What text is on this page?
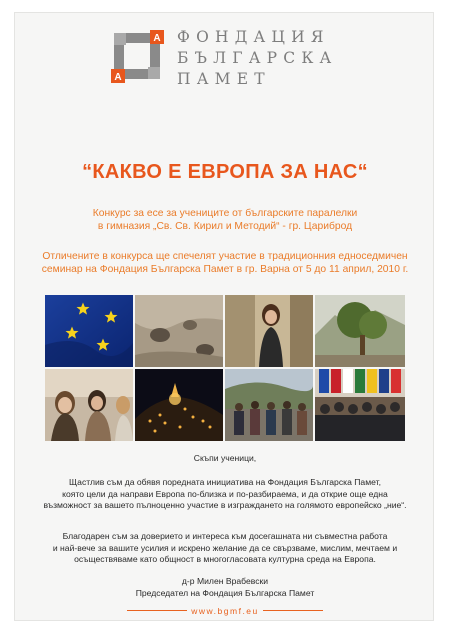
А
А
ФОНДАЦИЯ
БЪЛГАРСКА
ПАМЕТ
“КАКВО Е ЕВРОПА ЗА НАС“
Конкурс за есе за учениците от българските паралелки
в гимназия „Св. Св. Кирил и Методий“ - гр. Цариброд
Отличените в конкурса ще спечелят участие в традиционния едноседмичен
семинар на Фондация Българска Памет в гр. Варна от 5 до 11 април, 2010 г.
Скъпи ученици,
Щастлив съм да обявя поредната инициатива на Фондация Българска Памет,
която цели да направи Европа по-близка и по-разбираема, и да открие още една
възможност за вашето пълноценно участие в изграждането на голямото европейско „ние“.
Благодарен съм за доверието и интереса към досегашната ни съвместна работа
и най-вече за вашите усилия и искрено желание да се свързваме, мислим, мечтаем и
осъществяваме като общност в многогласовата културна среда на Европа.
д-р Милен Врабевски
Председател на Фондация Българска Памет
www.bgmf.eu
